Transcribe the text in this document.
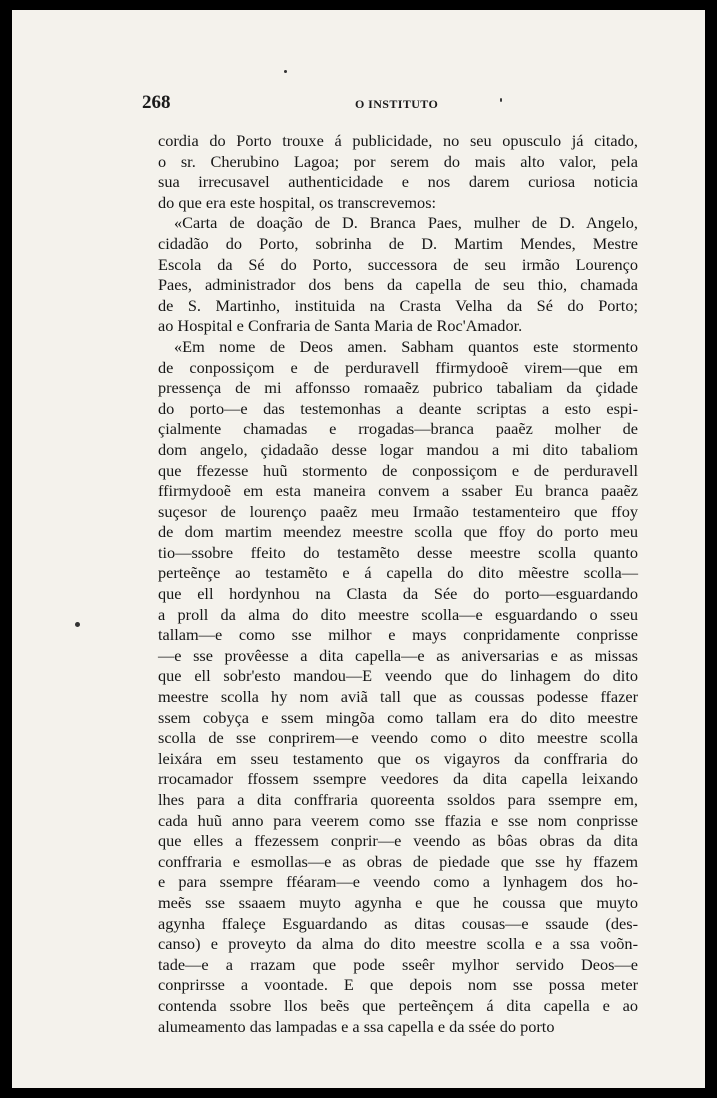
268	O INSTITUTO
cordia do Porto trouxe á publicidade, no seu opusculo já citado,
o sr. Cherubino Lagoa; por serem do mais alto valor, pela
sua irrecusavel authenticidade e nos darem curiosa noticia
do que era este hospital, os transcrevemos:
«Carta de doação de D. Branca Paes, mulher de D. Angelo,
cidadão do Porto, sobrinha de D. Martim Mendes, Mestre
Escola da Sé do Porto, successora de seu irmão Lourenço
Paes, administrador dos bens da capella de seu thio, chamada
de S. Martinho, instituida na Crasta Velha da Sé do Porto;
ao Hospital e Confraria de Santa Maria de Roc'Amador.
«Em nome de Deos amen. Sabham quantos este stormento
de conpossiçom e de perduravell ffirmydooẽ virem—que em
pressença de mi affonsso romaaẽz pubrico tabaliam da çidade
do porto—e das testemonhas a deante scriptas a esto espi-
çialmente chamadas e rrogadas—branca paaẽz molher de
dom angelo, çidadaão desse logar mandou a mi dito tabaliom
que ffezesse huũ stormento de conpossiçom e de perduravell
ffirmydooẽ em esta maneira convem a ssaber Eu branca paaẽz
suçesor de lourenço paaẽz meu Irmaão testamenteiro que ffoy
de dom martim meendez meestre scolla que ffoy do porto meu
tio—ssobre ffeito do testamẽto desse meestre scolla quanto
perteẽnçe ao testamẽto e á capella do dito mẽestre scolla—
que ell hordynhou na Clasta da Sée do porto—esguardando
a proll da alma do dito meestre scolla—e esguardando o sseu
tallam—e como sse milhor e mays conpridamente conprisse
—e sse provêesse a dita capella—e as aniversarias e as missas
que ell sobr'esto mandou—E veendo que do linhagem do dito
meestre scolla hy nom aviã tall que as coussas podesse ffazer
ssem cobyça e ssem mingõa como tallam era do dito meestre
scolla de sse conprirem—e veendo como o dito meestre scolla
leixára em sseu testamento que os vigayros da conffraria do
rrocamador ffossem ssempre veedores da dita capella leixando
lhes para a dita conffraria quoreenta ssoldos para ssempre em,
cada huũ anno para veerem como sse ffazia e sse nom conprisse
que elles a ffezessem conprir—e veendo as bôas obras da dita
conffraria e esmollas—e as obras de piedade que sse hy ffazem
e para ssempre fféaram—e veendo como a lynhagem dos ho-
meẽs sse ssaaem muyto agynha e que he coussa que muyto
agynha ffaleçe Esguardando as ditas cousas—e ssaude (des-
canso) e proveyto da alma do dito meestre scolla e a ssa voõn-
tade—e a rrazam que pode sseêr mylhor servido Deos—e
conprirsse a voontade. E que depois nom sse possa meter
contenda ssobre llos beẽs que perteẽnçem á dita capella e ao
alumeamento das lampadas e a ssa capella e da ssée do porto
